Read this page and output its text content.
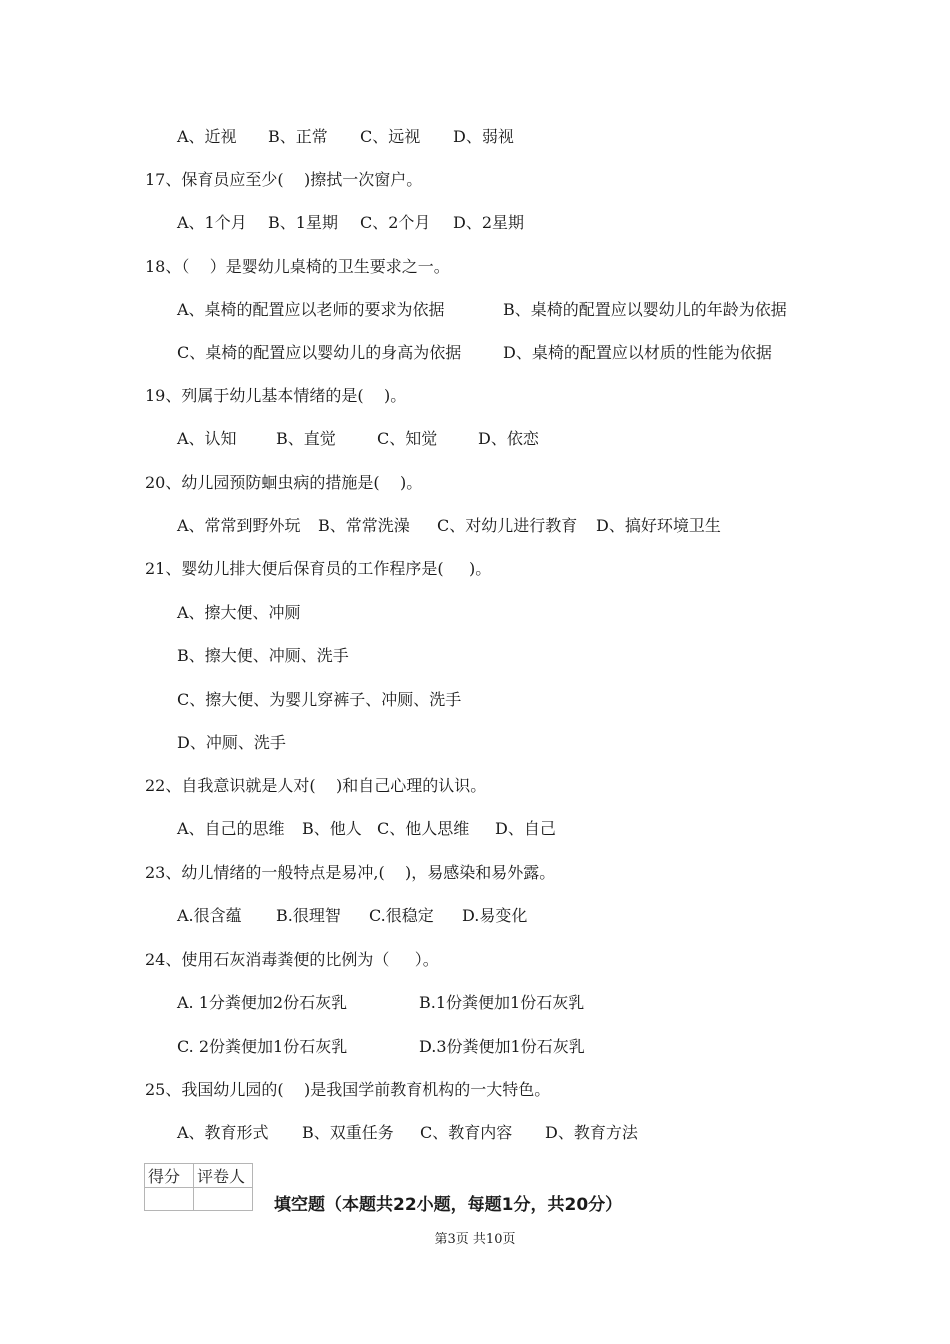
A、近视 B、正常 C、远视 D、弱视
17、保育员应至少(    )擦拭一次窗户。
A、1个月 B、1星期 C、2个月 D、2星期
18、（    ）是婴幼儿桌椅的卫生要求之一。
A、桌椅的配置应以老师的要求为依据	B、桌椅的配置应以婴幼儿的年龄为依据
C、桌椅的配置应以婴幼儿的身高为依据	D、桌椅的配置应以材质的性能为依据
19、列属于幼儿基本情绪的是(    )。
A、认知 B、直觉	C、知觉	D、依恋
20、幼儿园预防蛔虫病的措施是(    )。
A、常常到野外玩 B、常常洗澡 C、对幼儿进行教育 D、搞好环境卫生
21、婴幼儿排大便后保育员的工作程序是(     )。
A、擦大便、冲厕
B、擦大便、冲厕、洗手
C、擦大便、为婴儿穿裤子、冲厕、洗手
D、冲厕、洗手
22、自我意识就是人对(    )和自己心理的认识。
A、自己的思维 B、他人 C、他人思维 D、自己
23、幼儿情绪的一般特点是易冲,(    )，易感染和易外露。
A.很含蕴 B.很理智 C.很稳定 D.易变化
24、使用石灰消毒粪便的比例为（     ）。
A. 1分粪便加2份石灰乳	B.1份粪便加1份石灰乳
C. 2份粪便加1份石灰乳	D.3份粪便加1份石灰乳
25、我国幼儿园的(    )是我国学前教育机构的一大特色。
A、教育形式 B、双重任务 C、教育内容 D、教育方法
得分	评卷人

填空题（本题共22小题，每题1分，共20分）
第3页 共10页
